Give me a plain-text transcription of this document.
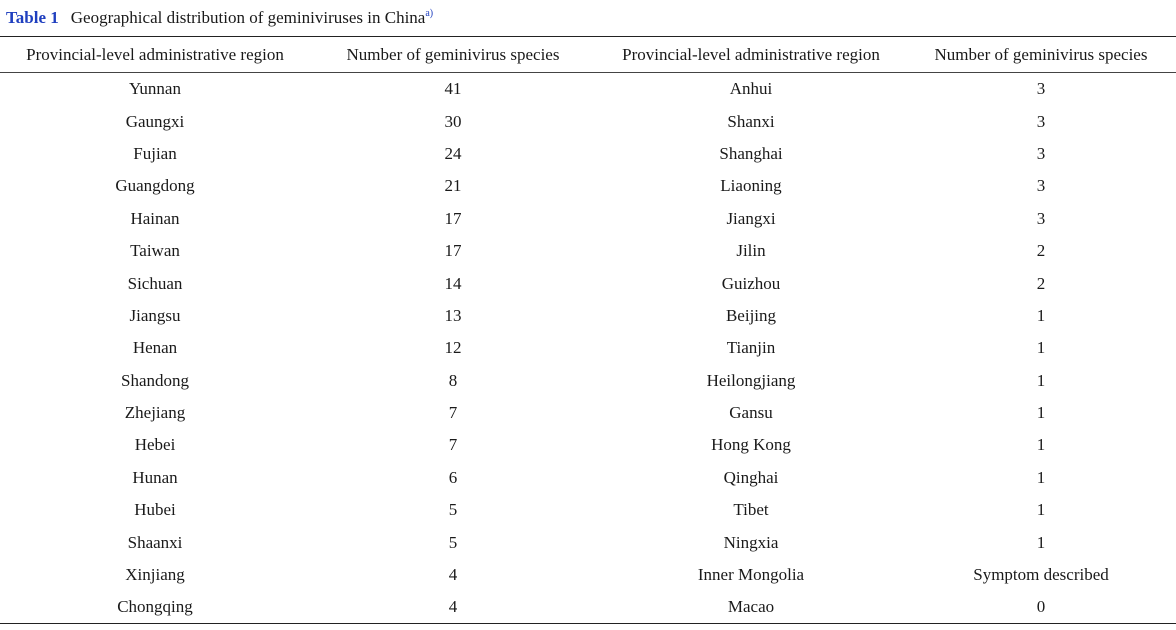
Table 1 Geographical distribution of geminiviruses in China$^{a)}$
Provincial-level administrative region	Number of geminivirus species	Provincial-level administrative region	Number of geminivirus species
Yunnan	41	Anhui	3
Gaungxi	30	Shanxi	3
Fujian	24	Shanghai	3
Guangdong	21	Liaoning	3
Hainan	17	Jiangxi	3
Taiwan	17	Jilin	2
Sichuan	14	Guizhou	2
Jiangsu	13	Beijing	1
Henan	12	Tianjin	1
Shandong	8	Heilongjiang	1
Zhejiang	7	Gansu	1
Hebei	7	Hong Kong	1
Hunan	6	Qinghai	1
Hubei	5	Tibet	1
Shaanxi	5	Ningxia	1
Xinjiang	4	Inner Mongolia	Symptom described
Chongqing	4	Macao	0
